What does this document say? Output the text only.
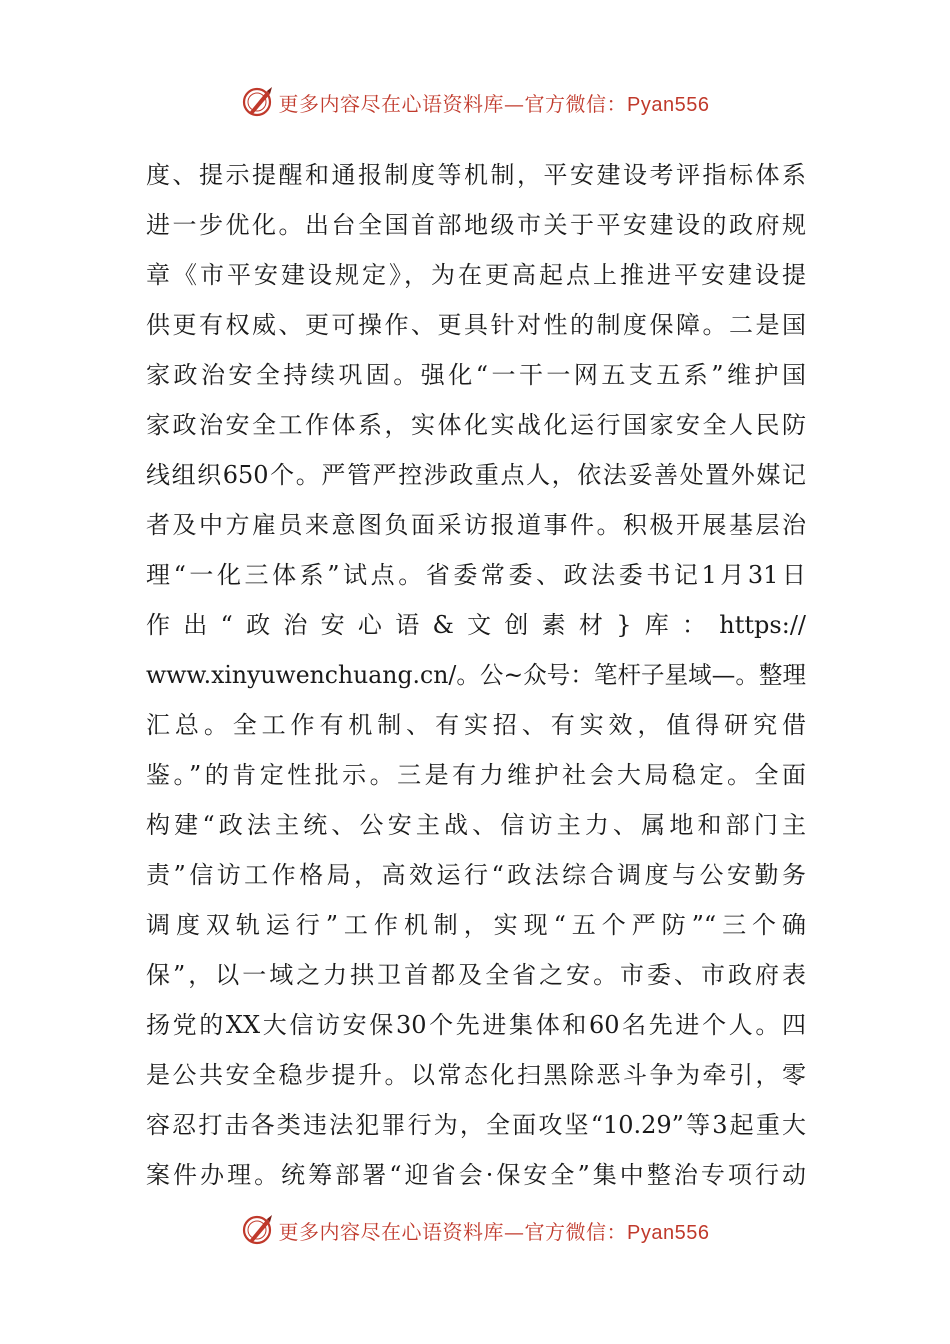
更多内容尽在心语资料库—官方微信：Pyan556
度、提示提醒和通报制度等机制，平安建设考评指标体系
进一步优化。出台全国首部地级市关于平安建设的政府规
章《市平安建设规定》，为在更高起点上推进平安建设提
供更有权威、更可操作、更具针对性的制度保障。二是国
家政治安全持续巩固。强化“一干一网五支五系”维护国
家政治安全工作体系，实体化实战化运行国家安全人民防
线组织650个。严管严控涉政重点人，依法妥善处置外媒记
者及中方雇员来意图负面采访报道事件。积极开展基层治
理“一化三体系”试点。省委常委、政法委书记1月31日
作出“政治安心语&文创素材}库：https://
www.xinyuwenchuang.cn/。公~众号：笔杆子星域—。整理
汇总。全工作有机制、有实招、有实效，值得研究借
鉴。”的肯定性批示。三是有力维护社会大局稳定。全面
构建“政法主统、公安主战、信访主力、属地和部门主
责”信访工作格局，高效运行“政法综合调度与公安勤务
调度双轨运行”工作机制，实现“五个严防”“三个确
保”，以一域之力拱卫首都及全省之安。市委、市政府表
扬党的XX大信访安保30个先进集体和60名先进个人。四
是公共安全稳步提升。以常态化扫黑除恶斗争为牵引，零
容忍打击各类违法犯罪行为，全面攻坚“10.29”等3起重大
案件办理。统筹部署“迎省会·保安全”集中整治专项行动
更多内容尽在心语资料库—官方微信：Pyan556
